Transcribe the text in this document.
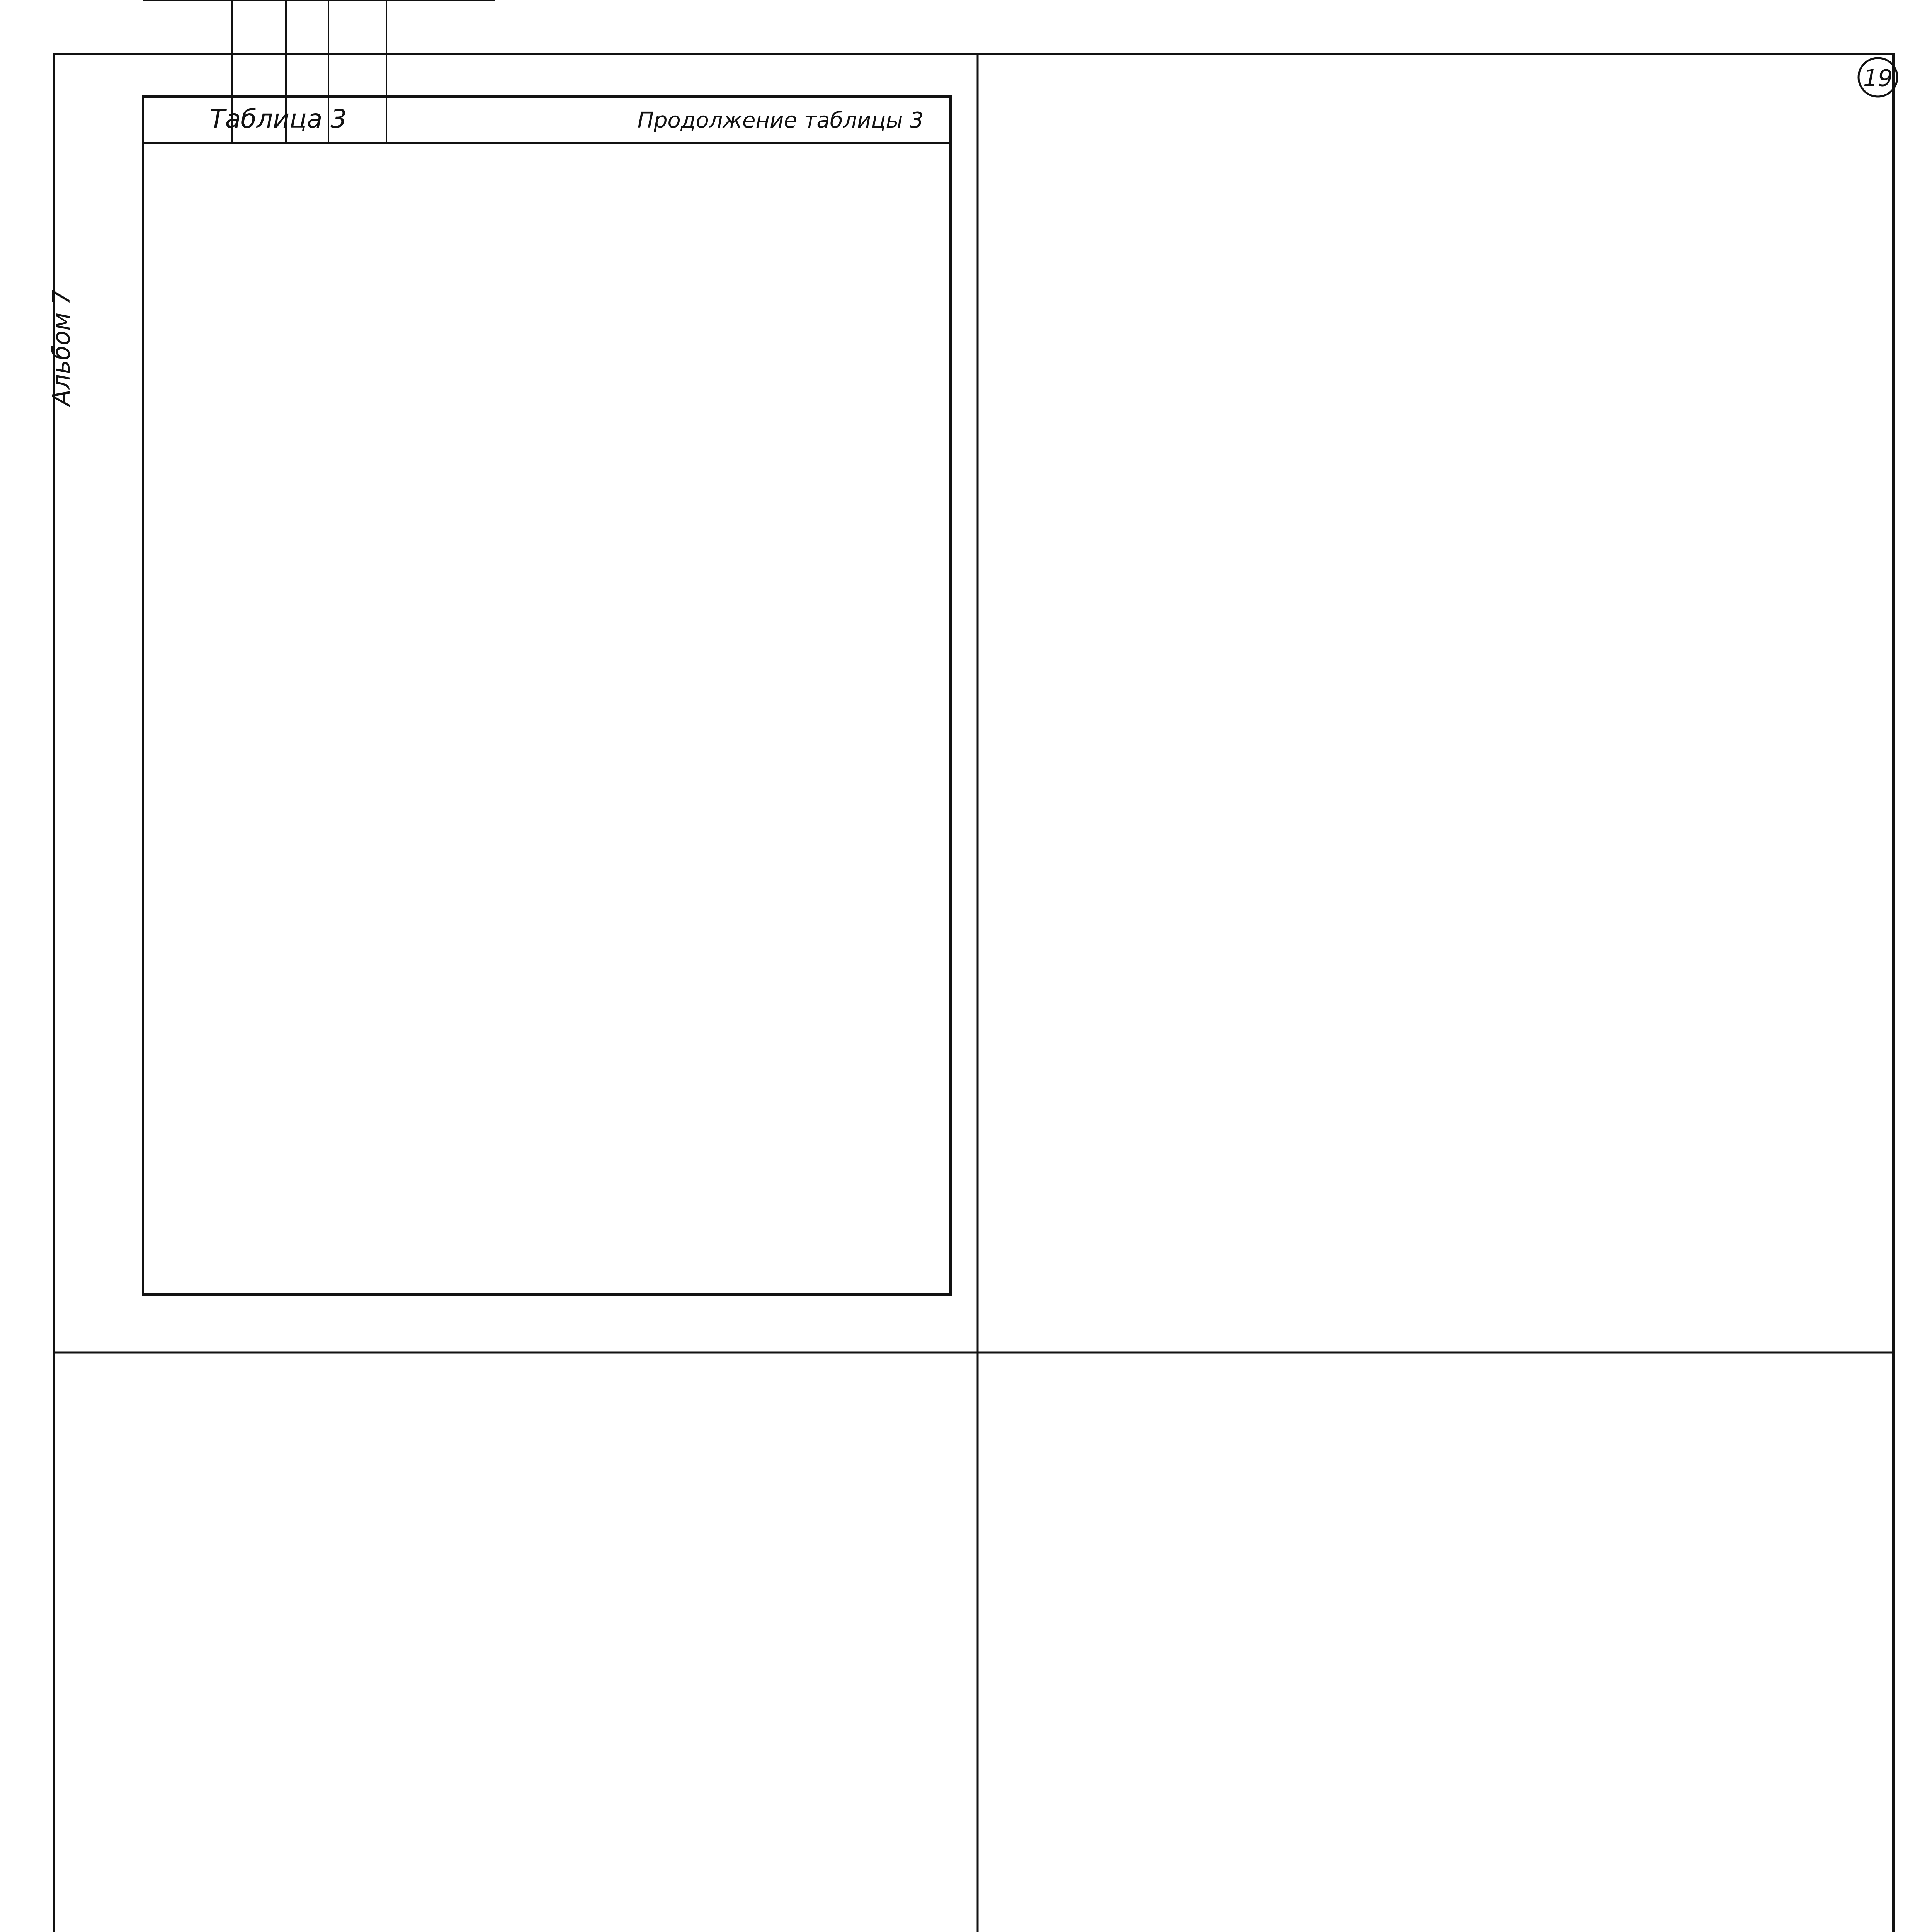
19
Альбом 7
Таблица 3	Продолжение таблицы 3
